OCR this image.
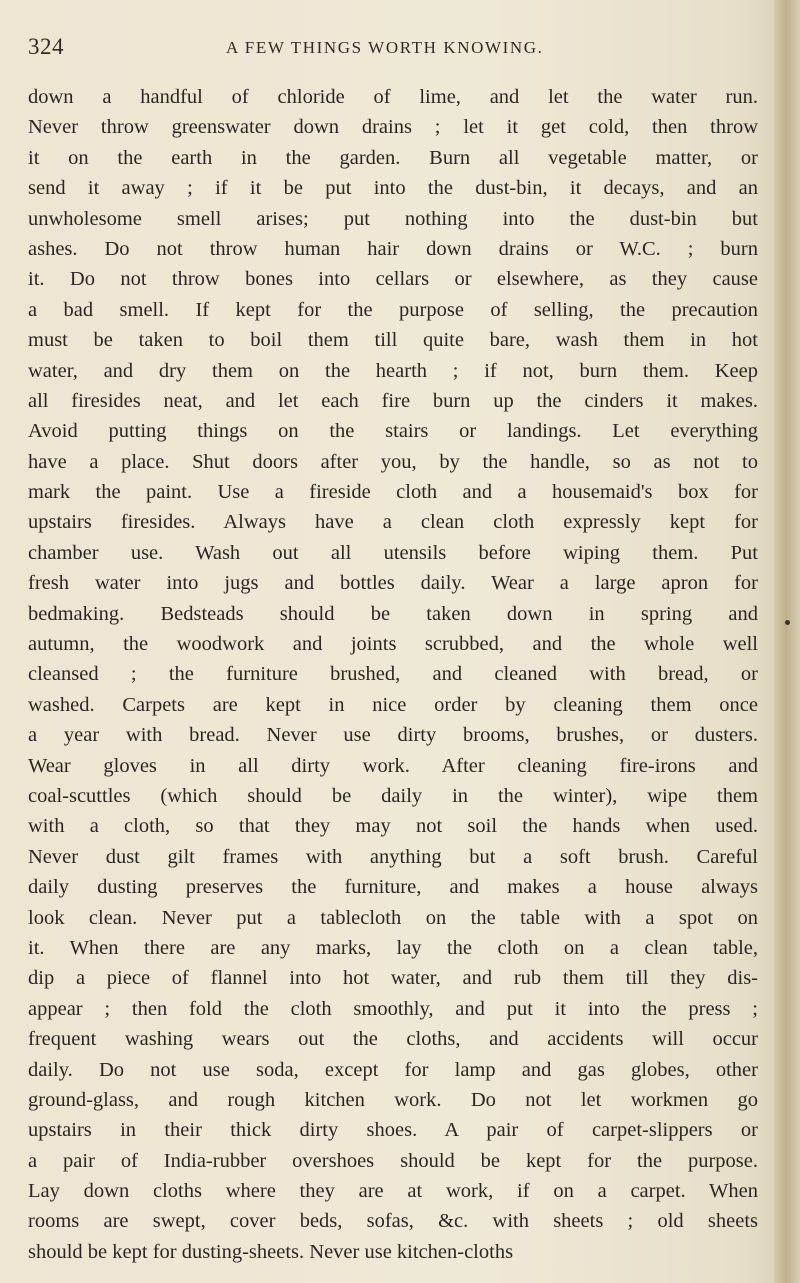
324	A FEW THINGS WORTH KNOWING.
down a handful of chloride of lime, and let the water run.
Never throw greenswater down drains ; let it get cold, then throw
it on the earth in the garden. Burn all vegetable matter, or
send it away ; if it be put into the dust-bin, it decays, and an
unwholesome smell arises; put nothing into the dust-bin but
ashes. Do not throw human hair down drains or W.C. ; burn
it. Do not throw bones into cellars or elsewhere, as they cause
a bad smell. If kept for the purpose of selling, the precaution
must be taken to boil them till quite bare, wash them in hot
water, and dry them on the hearth ; if not, burn them. Keep
all firesides neat, and let each fire burn up the cinders it makes.
Avoid putting things on the stairs or landings. Let everything
have a place. Shut doors after you, by the handle, so as not to
mark the paint. Use a fireside cloth and a housemaid's box for
upstairs firesides. Always have a clean cloth expressly kept for
chamber use. Wash out all utensils before wiping them. Put
fresh water into jugs and bottles daily. Wear a large apron for
bedmaking. Bedsteads should be taken down in spring and
autumn, the woodwork and joints scrubbed, and the whole well
cleansed ; the furniture brushed, and cleaned with bread, or
washed. Carpets are kept in nice order by cleaning them once
a year with bread. Never use dirty brooms, brushes, or dusters.
Wear gloves in all dirty work. After cleaning fire-irons and
coal-scuttles (which should be daily in the winter), wipe them
with a cloth, so that they may not soil the hands when used.
Never dust gilt frames with anything but a soft brush. Careful
daily dusting preserves the furniture, and makes a house always
look clean. Never put a tablecloth on the table with a spot on
it. When there are any marks, lay the cloth on a clean table,
dip a piece of flannel into hot water, and rub them till they dis-
appear ; then fold the cloth smoothly, and put it into the press ;
frequent washing wears out the cloths, and accidents will occur
daily. Do not use soda, except for lamp and gas globes, other
ground-glass, and rough kitchen work. Do not let workmen go
upstairs in their thick dirty shoes. A pair of carpet-slippers or
a pair of India-rubber overshoes should be kept for the purpose.
Lay down cloths where they are at work, if on a carpet. When
rooms are swept, cover beds, sofas, &c. with sheets ; old sheets
should be kept for dusting-sheets. Never use kitchen-cloths
